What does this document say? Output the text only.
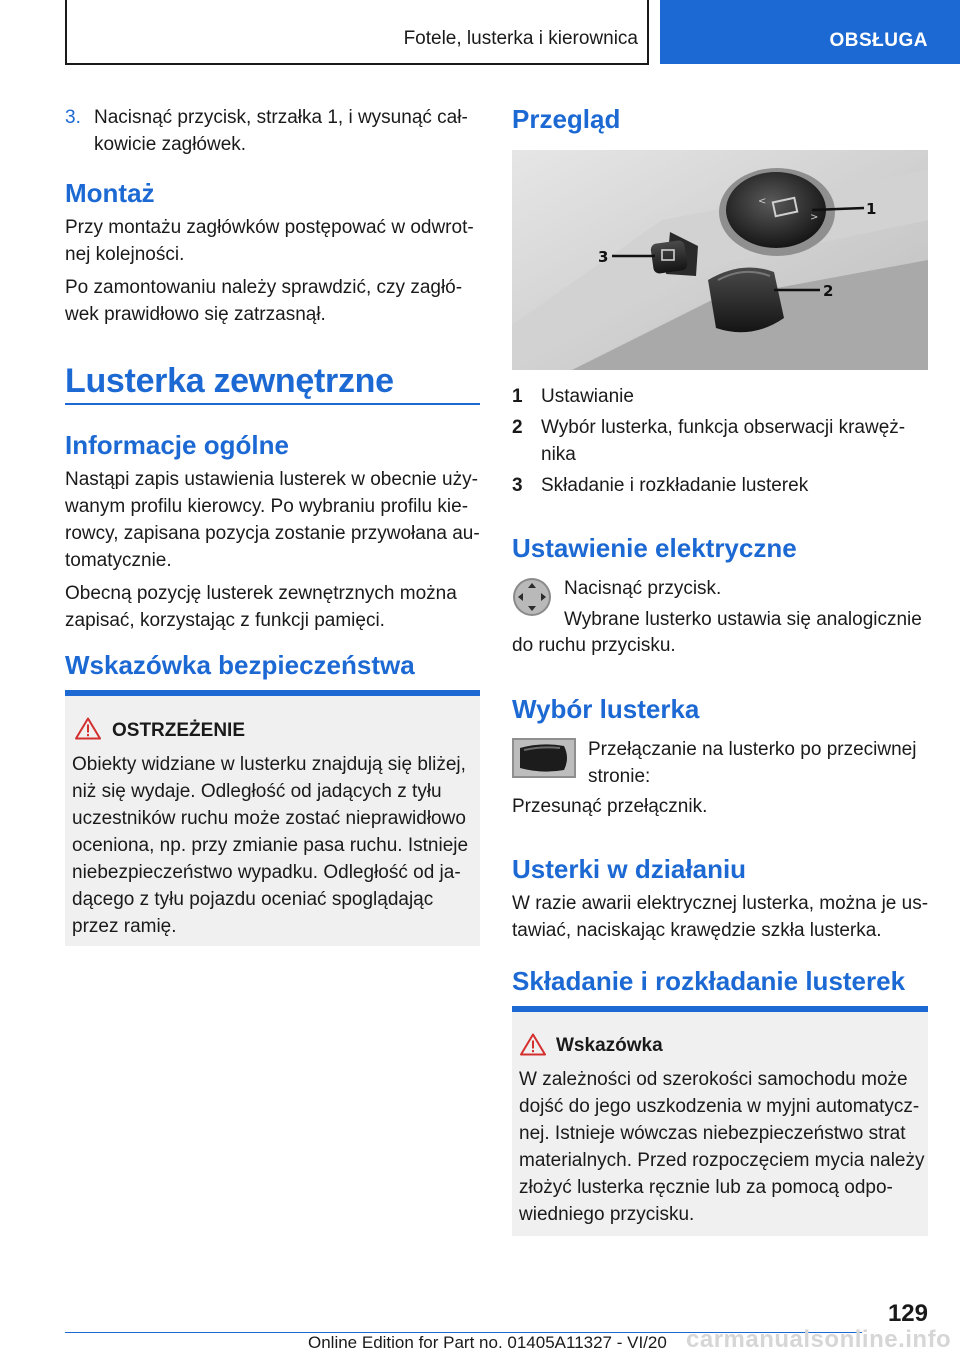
Fotele, lusterka i kierownica	OBSŁUGA
3. Nacisnąć przycisk, strzałka 1, i wysunąć cał‐
kowicie zagłówek.
Montaż
Przy montażu zagłówków postępować w odwrot‐
nej kolejności.
Po zamontowaniu należy sprawdzić, czy zagłó‐
wek prawidłowo się zatrzasnął.
Lusterka zewnętrzne
Informacje ogólne
Nastąpi zapis ustawienia lusterek w obecnie uży‐
wanym profilu kierowcy. Po wybraniu profilu kie‐
rowcy, zapisana pozycja zostanie przywołana au‐
tomatycznie.
Obecną pozycję lusterek zewnętrznych można
zapisać, korzystając z funkcji pamięci.
Wskazówka bezpieczeństwa
OSTRZEŻENIE
Obiekty widziane w lusterku znajdują się bliżej,
niż się wydaje. Odległość od jadących z tyłu
uczestników ruchu może zostać nieprawidłowo
oceniona, np. przy zmianie pasa ruchu. Istnieje
niebezpieczeństwo wypadku. Odległość od ja‐
dącego z tyłu pojazdu oceniać spoglądając
przez ramię.
Przegląd
<
>	1
2
3
1 Ustawianie
2 Wybór lusterka, funkcja obserwacji krawęż‐
nika
3 Składanie i rozkładanie lusterek
Ustawienie elektryczne
Nacisnąć przycisk.
Wybrane lusterko ustawia się analogicznie
do ruchu przycisku.
Wybór lusterka
Przełączanie na lusterko po przeciwnej
stronie:
Przesunąć przełącznik.
Usterki w działaniu
W razie awarii elektrycznej lusterka, można je us‐
tawiać, naciskając krawędzie szkła lusterka.
Składanie i rozkładanie lusterek
Wskazówka
W zależności od szerokości samochodu może
dojść do jego uszkodzenia w myjni automatycz‐
nej. Istnieje wówczas niebezpieczeństwo strat
materialnych. Przed rozpoczęciem mycia należy
złożyć lusterka ręcznie lub za pomocą odpo‐
wiedniego przycisku.
129
Online Edition for Part no. 01405A11327 - VI/20 carmanualsonline.info
